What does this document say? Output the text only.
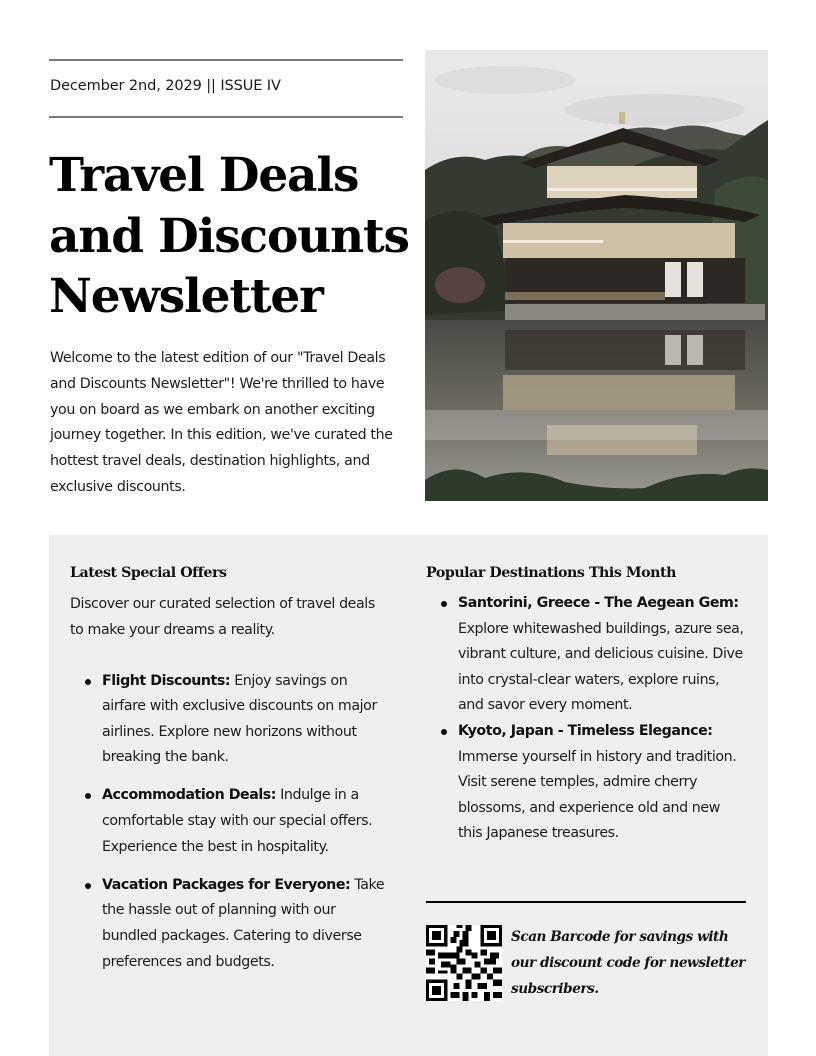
December 2nd, 2029 || ISSUE IV
Travel Deals
and Discounts
Newsletter

Welcome to the latest edition of our "Travel Deals and Discounts Newsletter"! We're thrilled to have you on board as we embark on another exciting journey together. In this edition, we've curated the hottest travel deals, destination highlights, and exclusive discounts.

Latest Special Offers

Discover our curated selection of travel deals to make your dreams a reality.

Flight Discounts: Enjoy savings on airfare with exclusive discounts on major airlines. Explore new horizons without breaking the bank.
Accommodation Deals: Indulge in a comfortable stay with our special offers. Experience the best in hospitality.
Vacation Packages for Everyone: Take the hassle out of planning with our bundled packages. Catering to diverse preferences and budgets.
Popular Destinations This Month
Santorini, Greece - The Aegean Gem: Explore whitewashed buildings, azure sea, vibrant culture, and delicious cuisine. Dive into crystal-clear waters, explore ruins, and savor every moment.
Kyoto, Japan - Timeless Elegance: Immerse yourself in history and tradition. Visit serene temples, admire cherry blossoms, and experience old and new this Japanese treasures.

Scan Barcode for savings with our discount code for newsletter subscribers.
